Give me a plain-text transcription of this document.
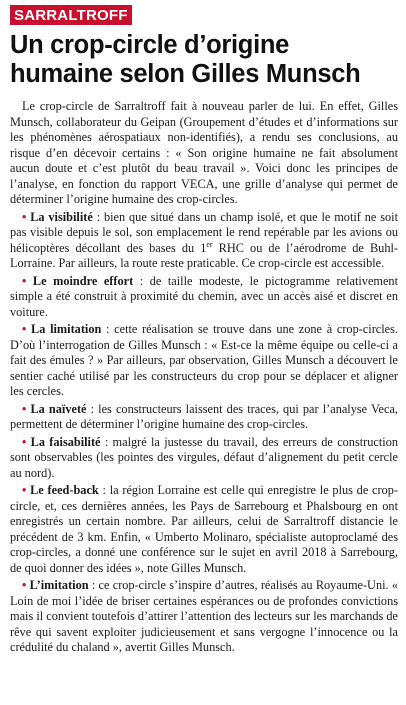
SARRALTROFF
Un crop-circle d’origine humaine selon Gilles Munsch

Le crop-circle de Sarraltroff fait à nouveau parler de lui. En effet, Gilles Munsch, collaborateur du Geipan (Groupement d’études et d’informations sur les phénomènes aérospatiaux non-identifiés), a rendu ses conclusions, au risque d’en décevoir certains : « Son origine humaine ne fait absolument aucun doute et c’est plutôt du beau travail ». Voici donc les principes de l’analyse, en fonction du rapport VECA, une grille d’analyse qui permet de déterminer l’origine humaine des crop-circles.

• La visibilité : bien que situé dans un champ isolé, et que le motif ne soit pas visible depuis le sol, son emplacement le rend repérable par les avions ou hélicoptères décollant des bases du 1er RHC ou de l’aérodrome de Buhl-Lorraine. Par ailleurs, la route reste praticable. Ce crop-circle est accessible.

• Le moindre effort : de taille modeste, le pictogramme relativement simple a été construit à proximité du chemin, avec un accès aisé et discret en voiture.

• La limitation : cette réalisation se trouve dans une zone à crop-circles. D’où l’interrogation de Gilles Munsch : « Est-ce la même équipe ou celle-ci a fait des émules ? » Par ailleurs, par observation, Gilles Munsch a découvert le sentier caché utilisé par les constructeurs du crop pour se déplacer et aligner les cercles.

• La naïveté : les constructeurs laissent des traces, qui par l’analyse Veca, permettent de déterminer l’origine humaine des crop-circles.

• La faisabilité : malgré la justesse du travail, des erreurs de construction sont observables (les pointes des virgules, défaut d’alignement du petit cercle au nord).

• Le feed-back : la région Lorraine est celle qui enregistre le plus de crop-circle, et, ces dernières années, les Pays de Sarrebourg et Phalsbourg en ont enregistrés un certain nombre. Par ailleurs, celui de Sarraltroff distancie le précédent de 3 km. Enfin, « Umberto Molinaro, spécialiste autoproclamé des crop-circles, a donné une conférence sur le sujet en avril 2018 à Sarrebourg, de quoi donner des idées », note Gilles Munsch.

• L’imitation : ce crop-circle s’inspire d’autres, réalisés au Royaume-Uni. « Loin de moi l’idée de briser certaines espérances ou de profondes convictions mais il convient toutefois d’attirer l’attention des lecteurs sur les marchands de rêve qui savent exploiter judicieusement et sans vergogne l’innocence ou la crédulité du chaland », avertit Gilles Munsch.
